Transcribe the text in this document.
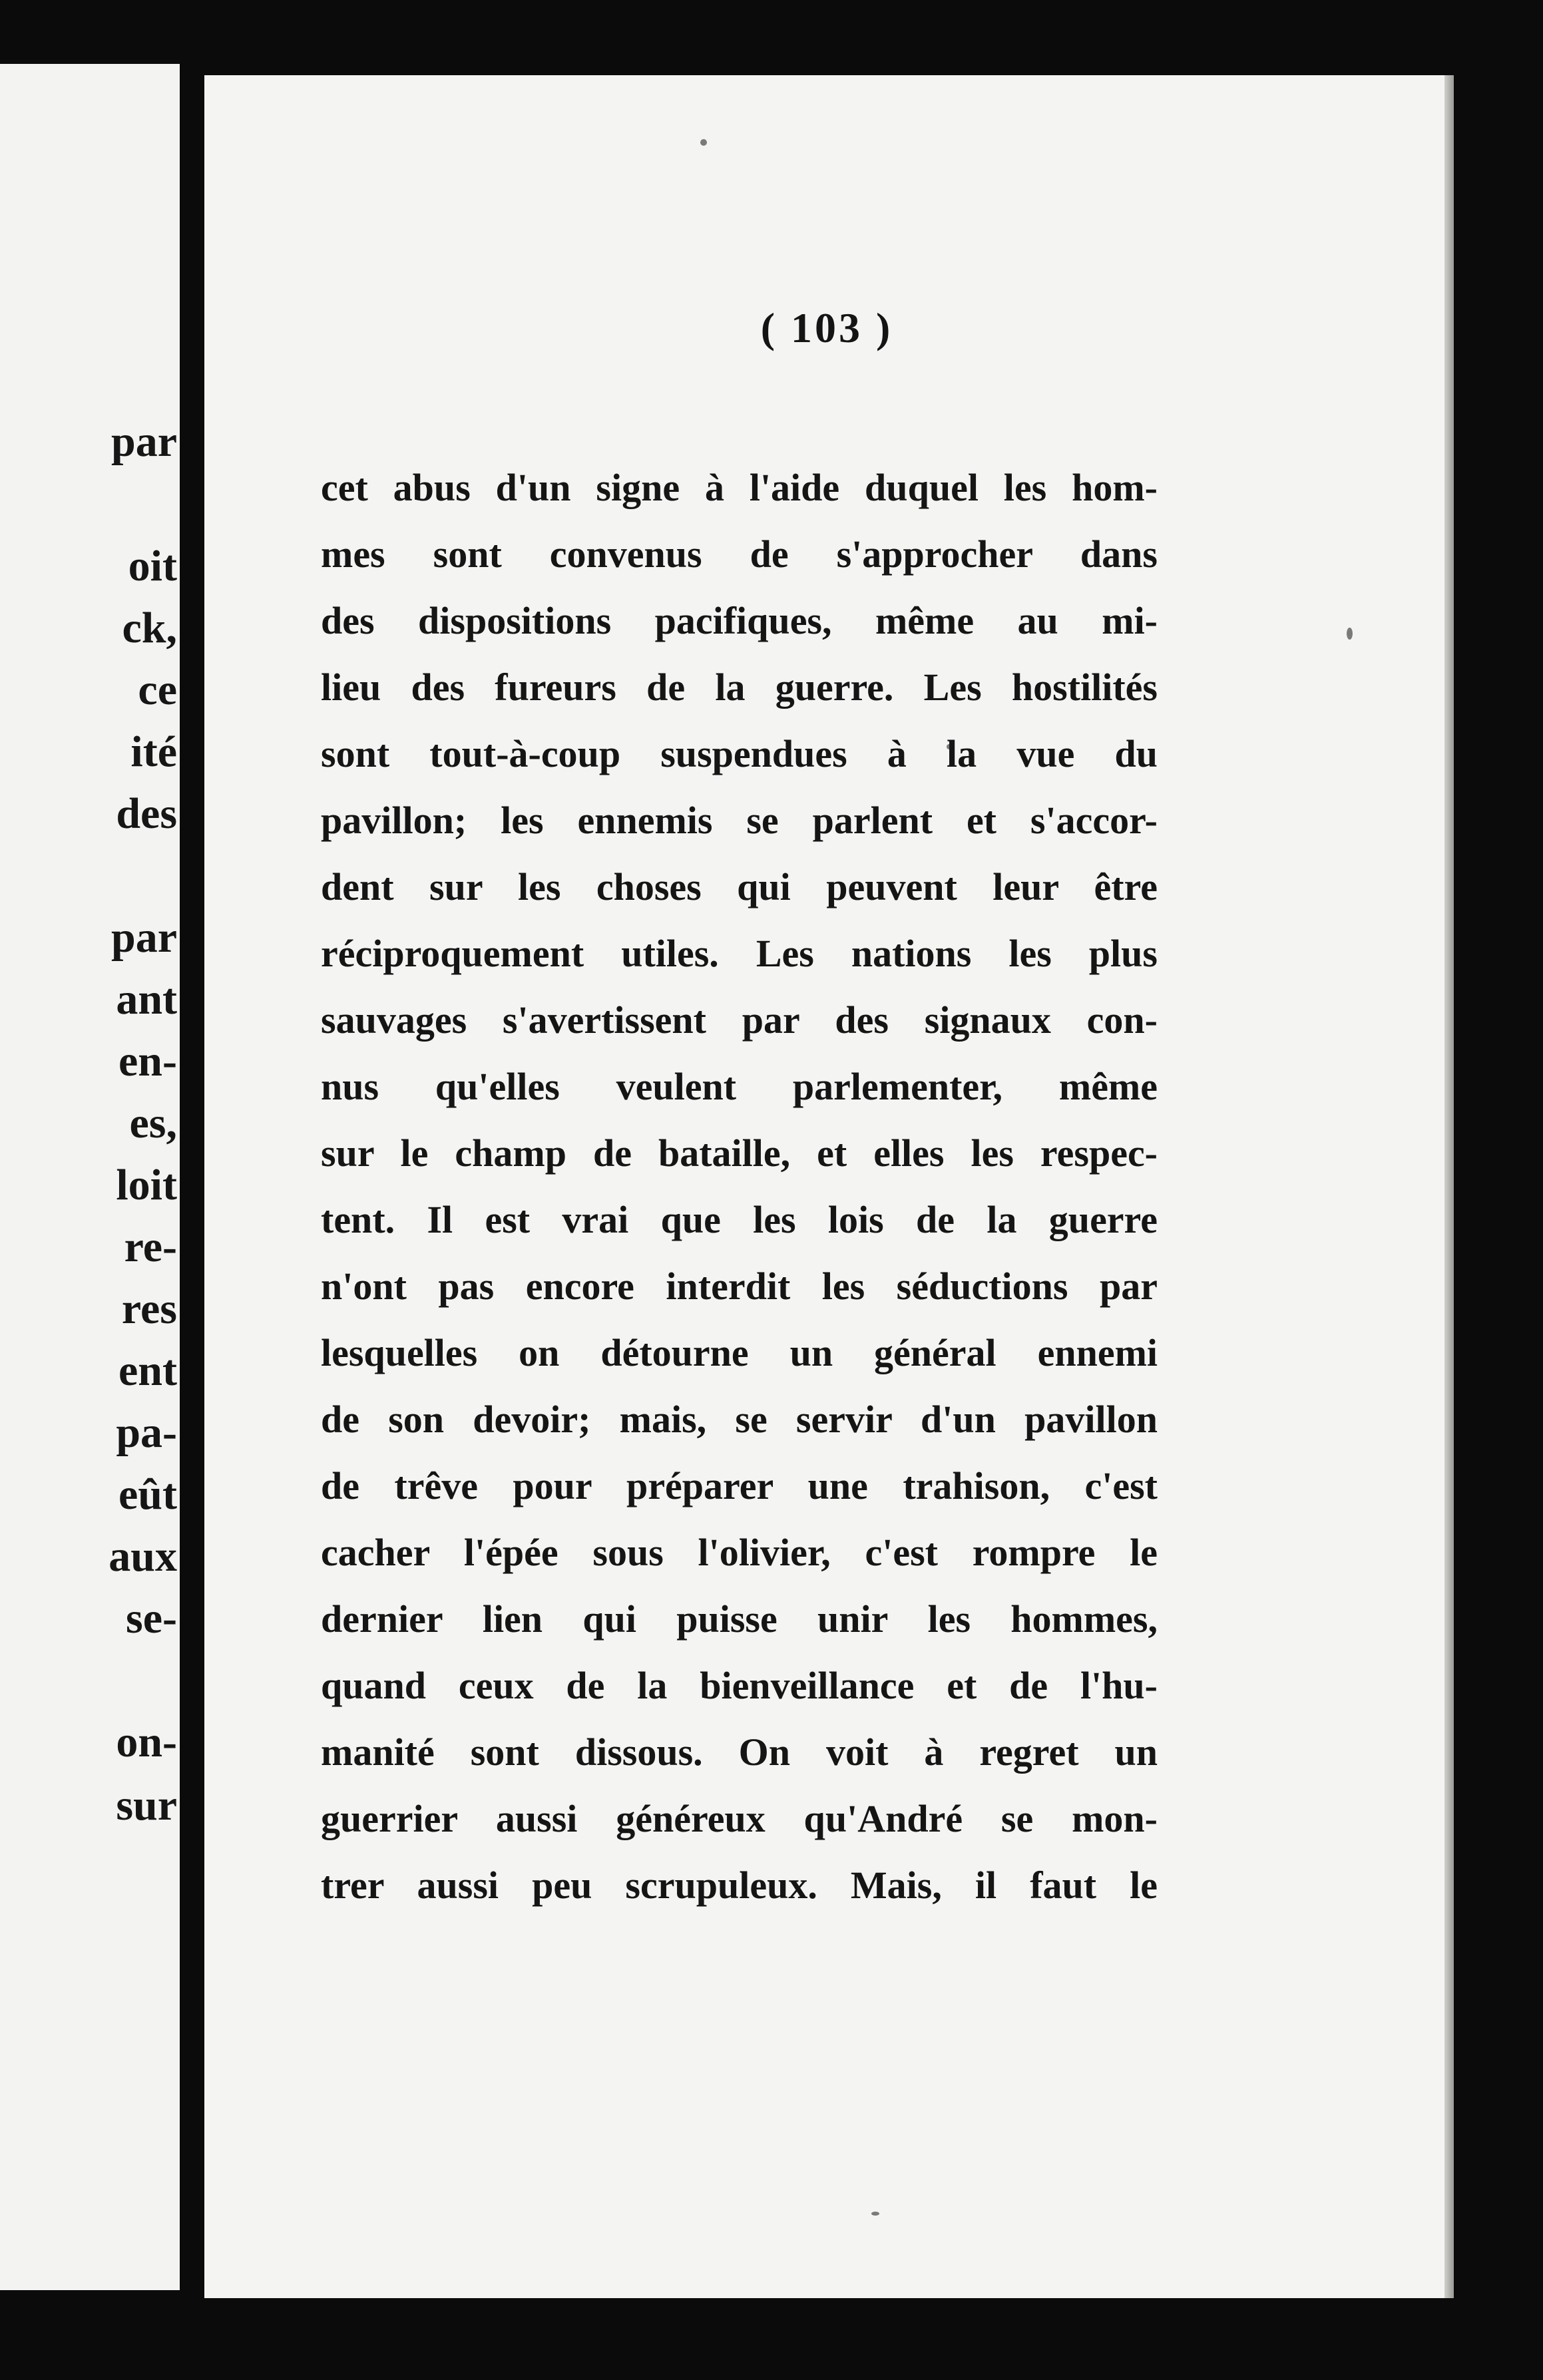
par
oit
ck,
ce
ité
des
par
ant
en-
es,
loit
re-
res
ent
pa-
eût
aux
se-
on-
sur
( 103 )
cet abus d'un signe à l'aide duquel les hom-
mes sont convenus de s'approcher dans
des dispositions pacifiques, même au mi-
lieu des fureurs de la guerre. Les hostilités
sont tout-à-coup suspendues à la vue du
pavillon; les ennemis se parlent et s'accor-
dent sur les choses qui peuvent leur être
réciproquement utiles. Les nations les plus
sauvages s'avertissent par des signaux con-
nus qu'elles veulent parlementer, même
sur le champ de bataille, et elles les respec-
tent. Il est vrai que les lois de la guerre
n'ont pas encore interdit les séductions par
lesquelles on détourne un général ennemi
de son devoir; mais, se servir d'un pavillon
de trêve pour préparer une trahison, c'est
cacher l'épée sous l'olivier, c'est rompre le
dernier lien qui puisse unir les hommes,
quand ceux de la bienveillance et de l'hu-
manité sont dissous. On voit à regret un
guerrier aussi généreux qu'André se mon-
trer aussi peu scrupuleux. Mais, il faut le
